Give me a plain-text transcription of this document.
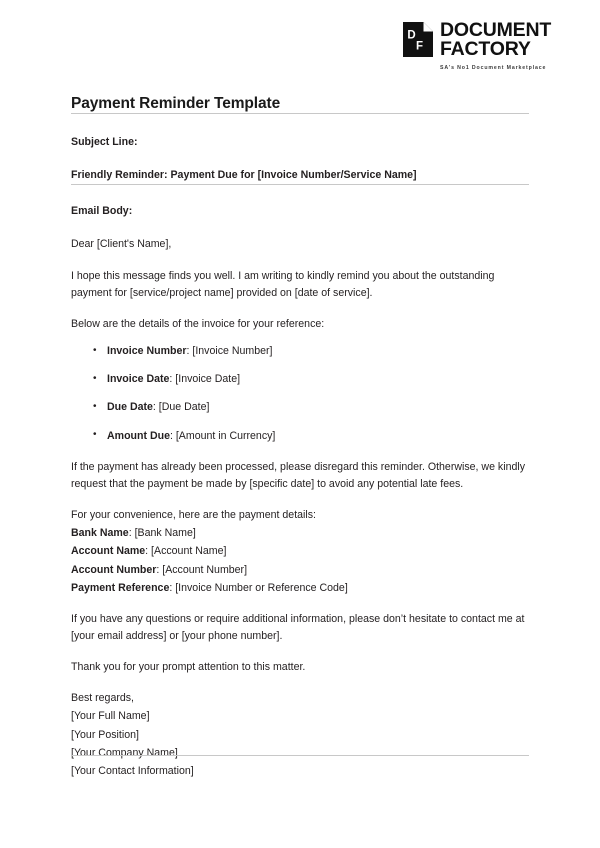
D
F
DOCUMENT
FACTORY
SA's No1 Document Marketplace
Payment Reminder Template

Subject Line:

Friendly Reminder: Payment Due for [Invoice Number/Service Name]

Email Body:

Dear [Client's Name],

I hope this message finds you well. I am writing to kindly remind you about the outstanding payment for [service/project name] provided on [date of service].

Below are the details of the invoice for your reference:

• Invoice Number: [Invoice Number]
• Invoice Date: [Invoice Date]
• Due Date: [Due Date]
• Amount Due: [Amount in Currency]

If the payment has already been processed, please disregard this reminder. Otherwise, we kindly request that the payment be made by [specific date] to avoid any potential late fees.

For your convenience, here are the payment details:

Bank Name: [Bank Name]

Account Name: [Account Name]

Account Number: [Account Number]

Payment Reference: [Invoice Number or Reference Code]

If you have any questions or require additional information, please don’t hesitate to contact me at [your email address] or [your phone number].

Thank you for your prompt attention to this matter.

Best regards,

[Your Full Name]

[Your Position]

[Your Company Name]

[Your Contact Information]
